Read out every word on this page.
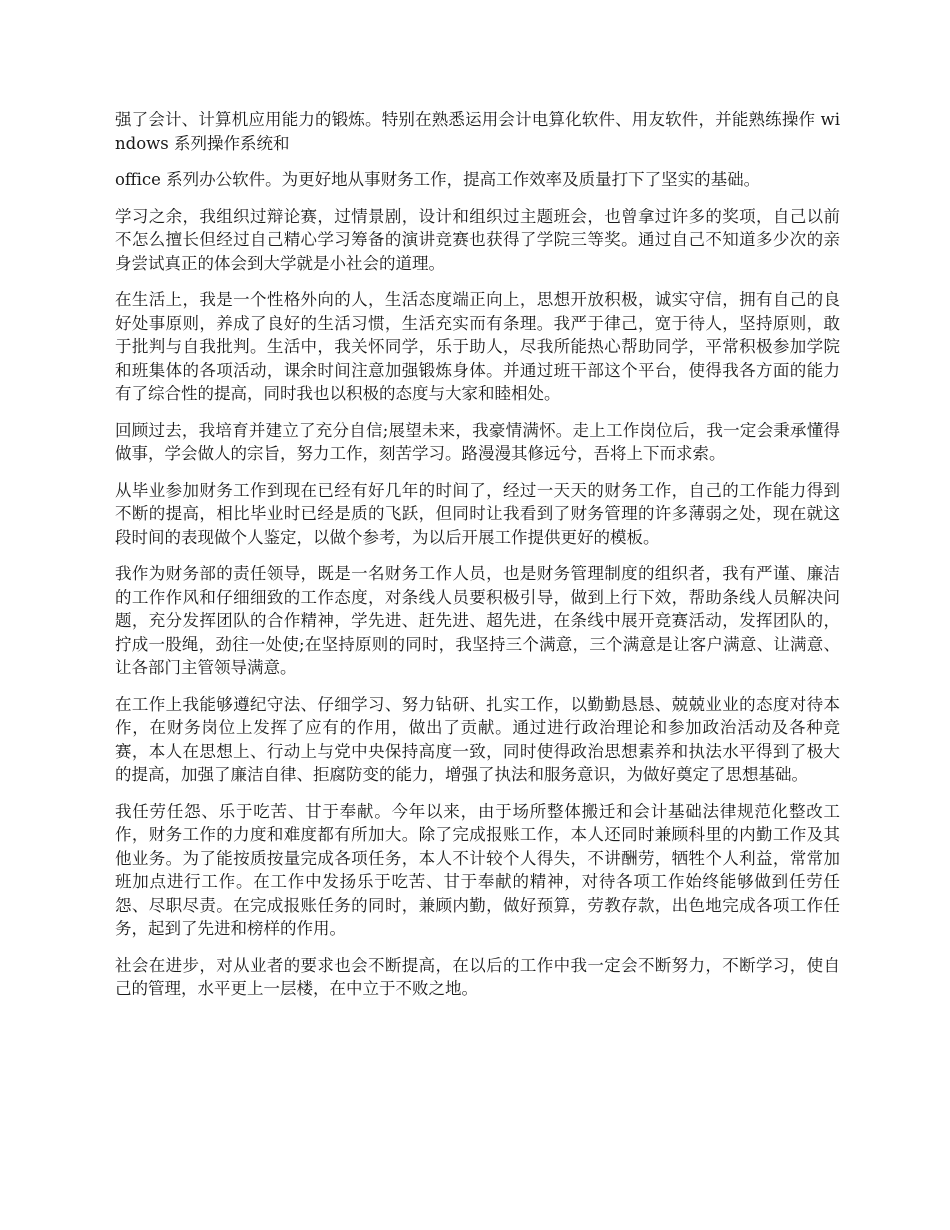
强了会计、计算机应用能力的锻炼。特别在熟悉运用会计电算化软件、用友软件，并能熟练操作 windows 系列操作系统和

office 系列办公软件。为更好地从事财务工作，提高工作效率及质量打下了坚实的基础。

学习之余，我组织过辩论赛，过情景剧，设计和组织过主题班会，也曾拿过许多的奖项，自己以前不怎么擅长但经过自己精心学习筹备的演讲竞赛也获得了学院三等奖。通过自己不知道多少次的亲身尝试真正的体会到大学就是小社会的道理。

在生活上，我是一个性格外向的人，生活态度端正向上，思想开放积极，诚实守信，拥有自己的良好处事原则，养成了良好的生活习惯，生活充实而有条理。我严于律己，宽于待人，坚持原则，敢于批判与自我批判。生活中，我关怀同学，乐于助人，尽我所能热心帮助同学，平常积极参加学院和班集体的各项活动，课余时间注意加强锻炼身体。并通过班干部这个平台，使得我各方面的能力有了综合性的提高，同时我也以积极的态度与大家和睦相处。

回顾过去，我培育并建立了充分自信;展望未来，我豪情满怀。走上工作岗位后，我一定会秉承懂得做事，学会做人的宗旨，努力工作，刻苦学习。路漫漫其修远兮，吾将上下而求索。

从毕业参加财务工作到现在已经有好几年的时间了，经过一天天的财务工作，自己的工作能力得到不断的提高，相比毕业时已经是质的飞跃，但同时让我看到了财务管理的许多薄弱之处，现在就这段时间的表现做个人鉴定，以做个参考，为以后开展工作提供更好的模板。

我作为财务部的责任领导，既是一名财务工作人员，也是财务管理制度的组织者，我有严谨、廉洁的工作作风和仔细细致的工作态度，对条线人员要积极引导，做到上行下效，帮助条线人员解决问题，充分发挥团队的合作精神，学先进、赶先进、超先进，在条线中展开竞赛活动，发挥团队的，拧成一股绳，劲往一处使;在坚持原则的同时，我坚持三个满意，三个满意是让客户满意、让满意、让各部门主管领导满意。

在工作上我能够遵纪守法、仔细学习、努力钻研、扎实工作，以勤勤恳恳、兢兢业业的态度对待本作，在财务岗位上发挥了应有的作用，做出了贡献。通过进行政治理论和参加政治活动及各种竞赛，本人在思想上、行动上与党中央保持高度一致，同时使得政治思想素养和执法水平得到了极大的提高，加强了廉洁自律、拒腐防变的能力，增强了执法和服务意识，为做好奠定了思想基础。

我任劳任怨、乐于吃苦、甘于奉献。今年以来，由于场所整体搬迁和会计基础法律规范化整改工作，财务工作的力度和难度都有所加大。除了完成报账工作，本人还同时兼顾科里的内勤工作及其他业务。为了能按质按量完成各项任务，本人不计较个人得失，不讲酬劳，牺牲个人利益，常常加班加点进行工作。在工作中发扬乐于吃苦、甘于奉献的精神，对待各项工作始终能够做到任劳任怨、尽职尽责。在完成报账任务的同时，兼顾内勤，做好预算，劳教存款，出色地完成各项工作任务，起到了先进和榜样的作用。

社会在进步，对从业者的要求也会不断提高，在以后的工作中我一定会不断努力，不断学习，使自己的管理，水平更上一层楼，在中立于不败之地。
